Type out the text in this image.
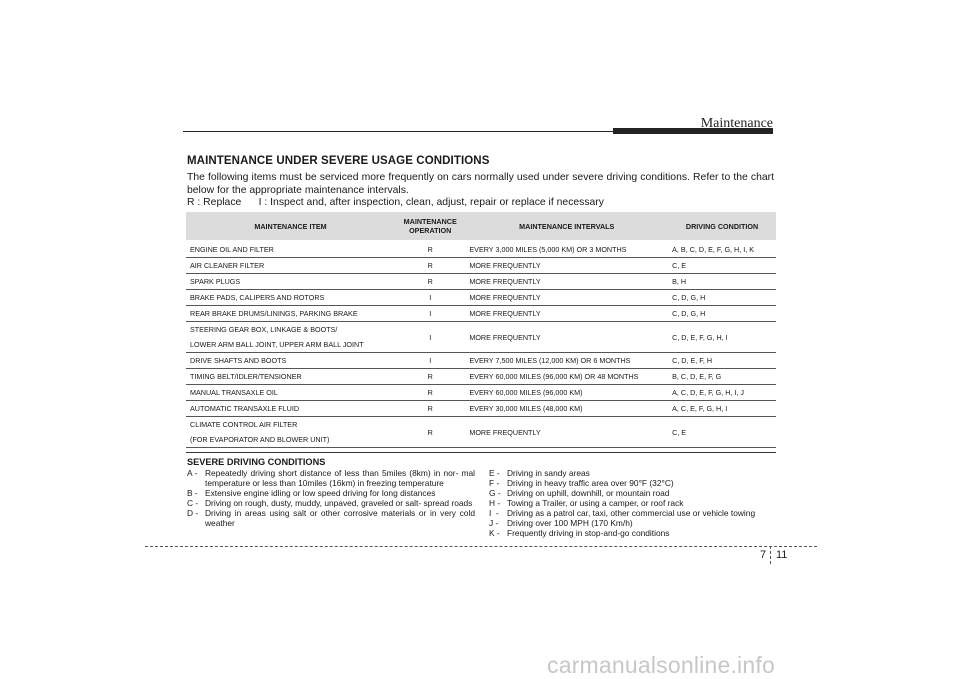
Maintenance
MAINTENANCE UNDER SEVERE USAGE CONDITIONS
The following items must be serviced more frequently on cars normally used under severe driving conditions. Refer to the chart below for the appropriate maintenance intervals.
R : Replace      I : Inspect and, after inspection, clean, adjust, repair or replace if necessary
MAINTENANCE ITEM	MAINTENANCE OPERATION	MAINTENANCE INTERVALS	DRIVING CONDITION

ENGINE OIL AND FILTER	R	EVERY 3,000 MILES (5,000 KM) OR 3 MONTHS	A, B, C, D, E, F, G, H, I, K

AIR CLEANER FILTER	R	MORE FREQUENTLY	C, E

SPARK PLUGS	R	MORE FREQUENTLY	B, H

BRAKE PADS, CALIPERS AND ROTORS	I	MORE FREQUENTLY	C, D, G, H

REAR BRAKE DRUMS/LININGS, PARKING BRAKE	I	MORE FREQUENTLY	C, D, G, H

STEERING GEAR BOX, LINKAGE & BOOTS/
LOWER ARM BALL JOINT, UPPER ARM BALL JOINT	I	MORE FREQUENTLY	C, D, E, F, G, H, I

DRIVE SHAFTS AND BOOTS	I	EVERY 7,500 MILES (12,000 KM) OR 6 MONTHS	C, D, E, F, H

TIMING BELT/IDLER/TENSIONER	R	EVERY 60,000 MILES (96,000 KM) OR 48 MONTHS	B, C, D, E, F, G

MANUAL TRANSAXLE OIL	R	EVERY 60,000 MILES (96,000 KM)	A, C, D, E, F, G, H, I, J

AUTOMATIC TRANSAXLE FLUID	R	EVERY 30,000 MILES (48,000 KM)	A, C, E, F, G, H, I

CLIMATE CONTROL AIR FILTER
(FOR EVAPORATOR AND BLOWER UNIT)	R	MORE FREQUENTLY	C, E
SEVERE DRIVING CONDITIONS
A - Repeatedly driving short distance of less than 5miles (8km) in nor- mal temperature or less than 10miles (16km) in freezing temperature
B - Extensive engine idling or low speed driving for long distances
C - Driving on rough, dusty, muddy, unpaved, graveled or salt- spread roads
D - Driving in areas using salt or other corrosive materials or in very cold weather
E - Driving in sandy areas
F - Driving in heavy traffic area over 90°F (32°C)
G - Driving on uphill, downhill, or mountain road
H - Towing a Trailer, or using a camper, or roof rack
I  - Driving as a patrol car, taxi, other commercial use or vehicle towing
J -	Driving over 100 MPH (170 Km/h)
K - Frequently driving in stop-and-go conditions
7 11
carmanualsonline.info
